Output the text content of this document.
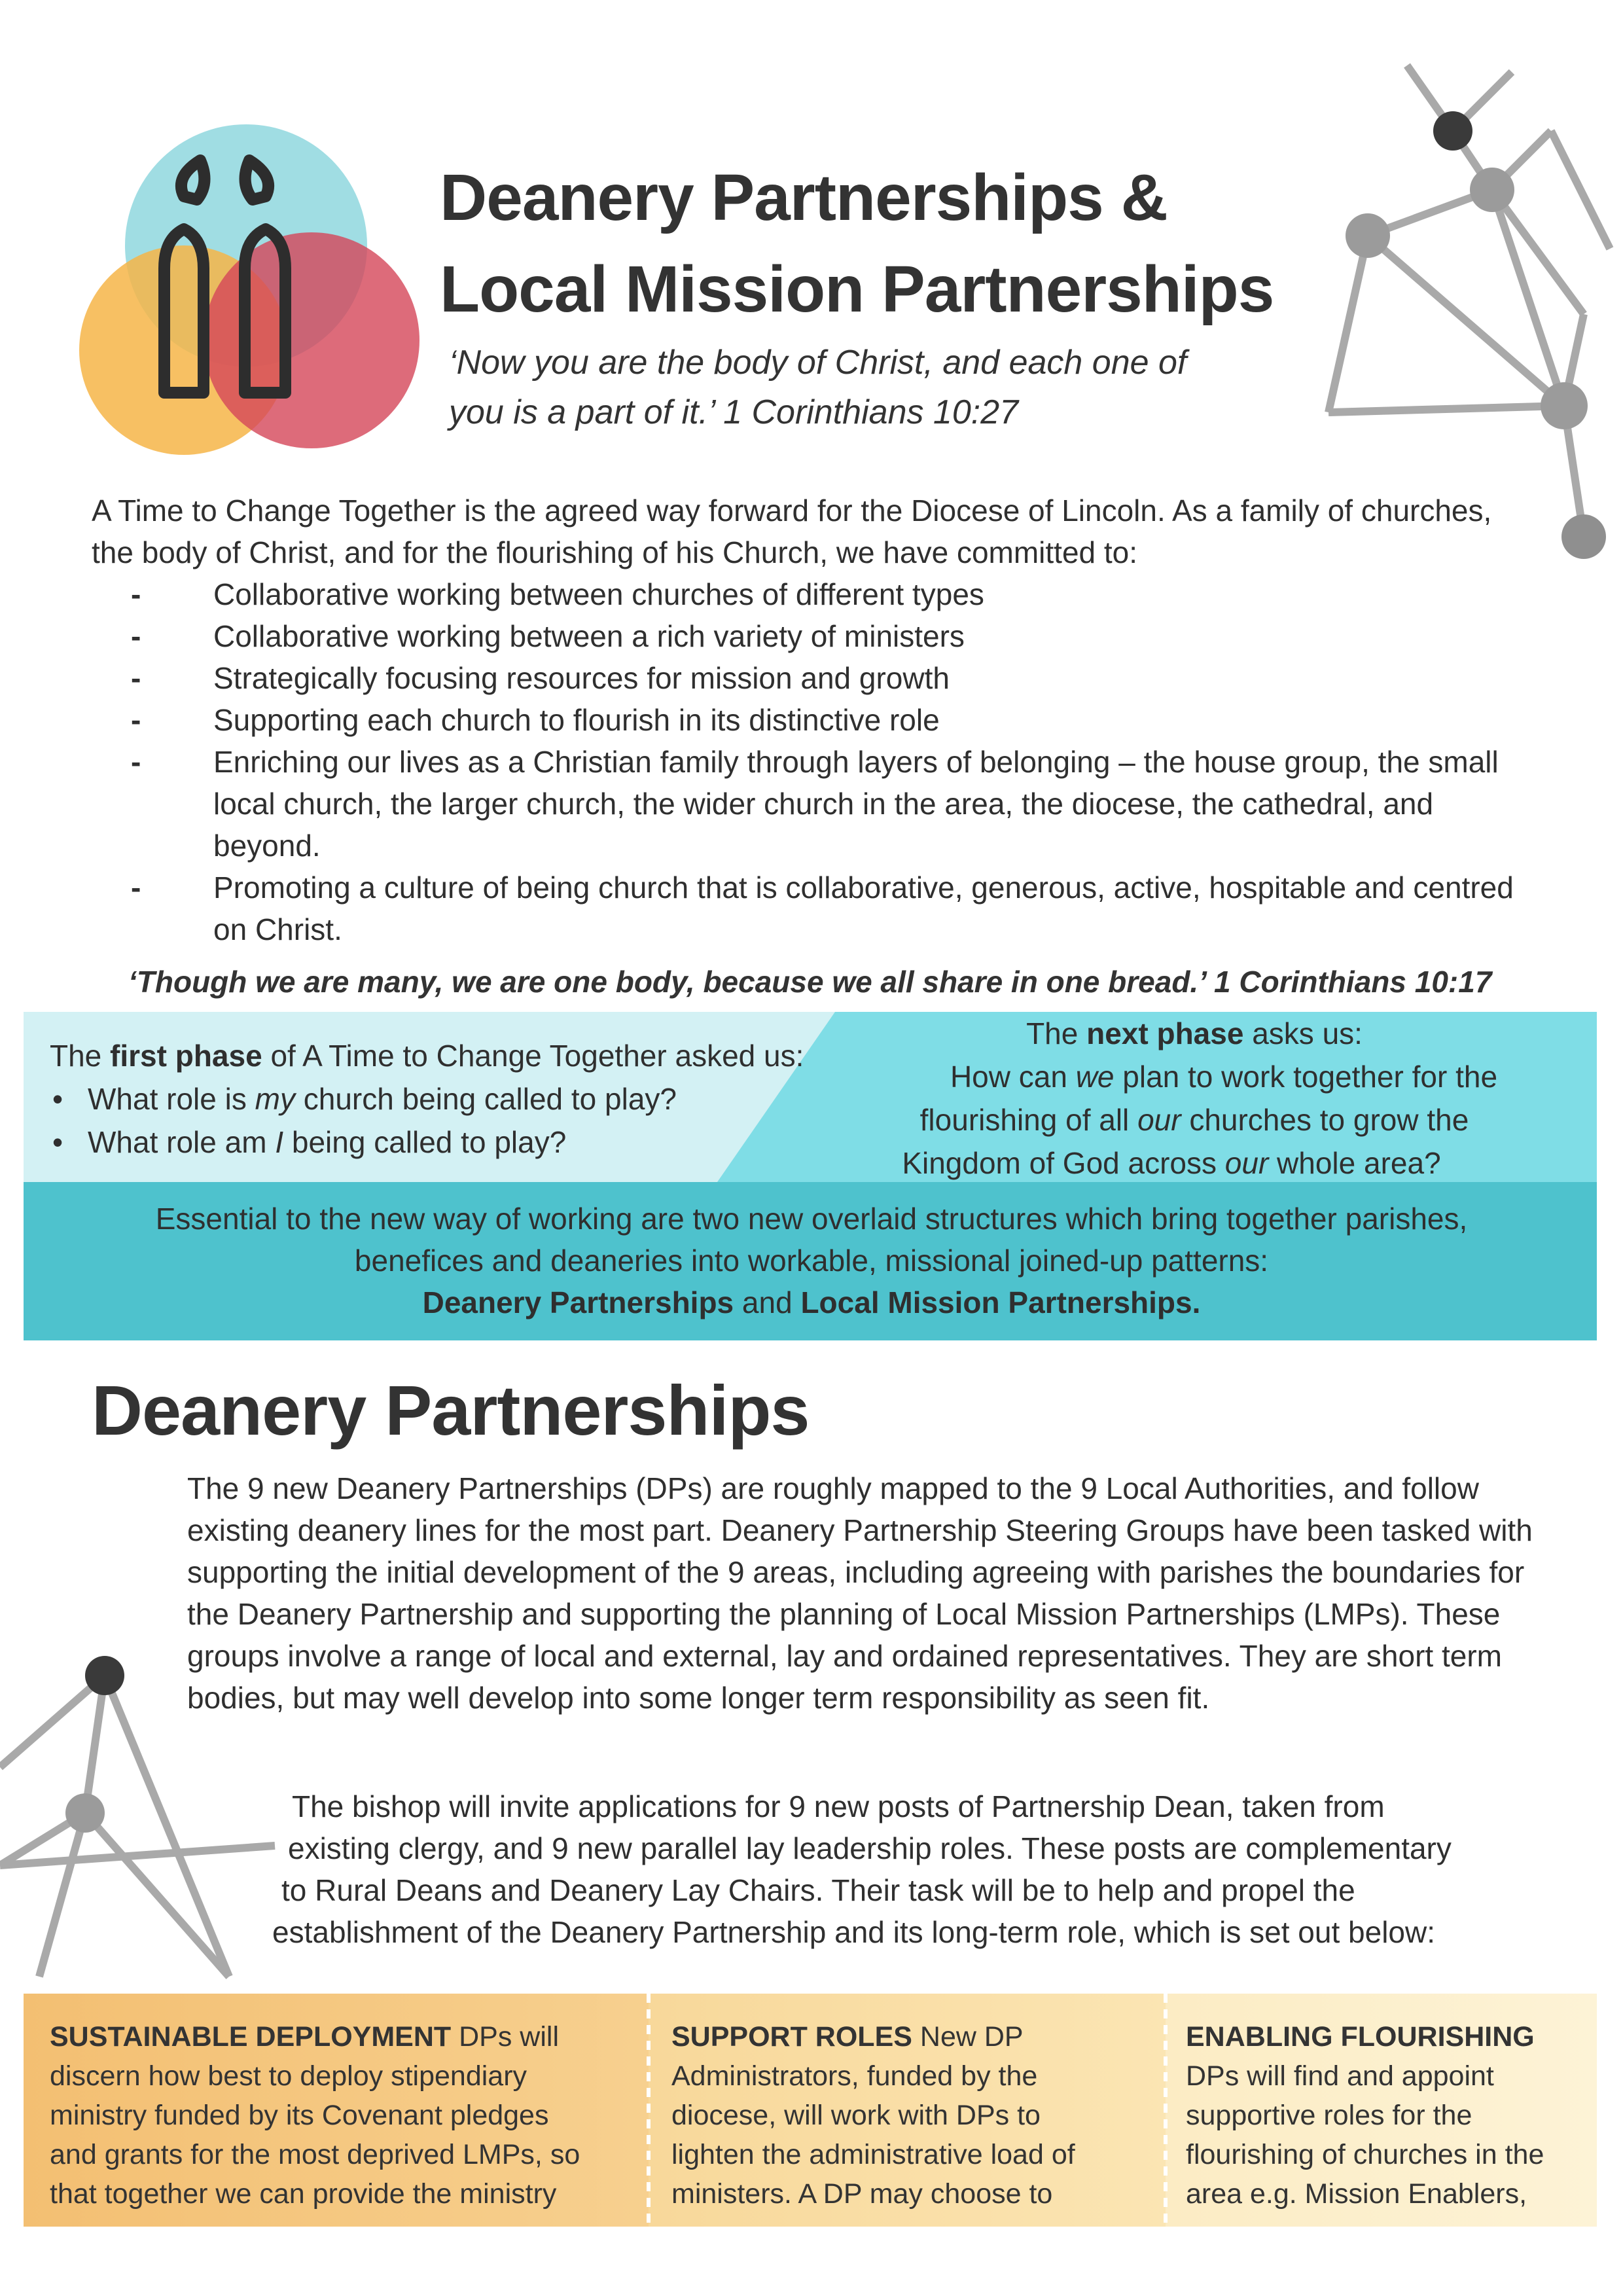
Deanery Partnerships &
Local Mission Partnerships
‘Now you are the body of Christ, and each one of
you is a part of it.’ 1 Corinthians 10:27
A Time to Change Together is the agreed way forward for the Diocese of Lincoln. As a family of churches, the body of Christ, and for the flourishing of his Church, we have committed to:
- Collaborative working between churches of different types
- Collaborative working between a rich variety of ministers
- Strategically focusing resources for mission and growth
- Supporting each church to flourish in its distinctive role
- Enriching our lives as a Christian family through layers of belonging – the house group, the small local church, the larger church, the wider church in the area, the diocese, the cathedral, and beyond.
- Promoting a culture of being church that is collaborative, generous, active, hospitable and centred on Christ.
‘Though we are many, we are one body, because we all share in one bread.’ 1 Corinthians 10:17
The first phase of A Time to Change Together asked us:
• What role is my church being called to play?
• What role am I being called to play?
The next phase asks us:
How can we plan to work together for the
flourishing of all our churches to grow the
Kingdom of God across our whole area?
Essential to the new way of working are two new overlaid structures which bring together parishes,
benefices and deaneries into workable, missional joined-up patterns:
Deanery Partnerships and Local Mission Partnerships.
Deanery Partnerships
The 9 new Deanery Partnerships (DPs) are roughly mapped to the 9 Local Authorities, and follow existing deanery lines for the most part. Deanery Partnership Steering Groups have been tasked with supporting the initial development of the 9 areas, including agreeing with parishes the boundaries for the Deanery Partnership and supporting the planning of Local Mission Partnerships (LMPs). These groups involve a range of local and external, lay and ordained representatives. They are short term bodies, but may well develop into some longer term responsibility as seen fit.
The bishop will invite applications for 9 new posts of Partnership Dean, taken from
existing clergy, and 9 new parallel lay leadership roles. These posts are complementary
to Rural Deans and Deanery Lay Chairs. Their task will be to help and propel the
establishment of the Deanery Partnership and its long-term role, which is set out below:
SUSTAINABLE DEPLOYMENT DPs will
discern how best to deploy stipendiary
ministry funded by its Covenant pledges
and grants for the most deprived LMPs, so
that together we can provide the ministry
SUPPORT ROLES New DP
Administrators, funded by the
diocese, will work with DPs to
lighten the administrative load of
ministers. A DP may choose to
ENABLING FLOURISHING
DPs will find and appoint
supportive roles for the
flourishing of churches in the
area e.g. Mission Enablers,
